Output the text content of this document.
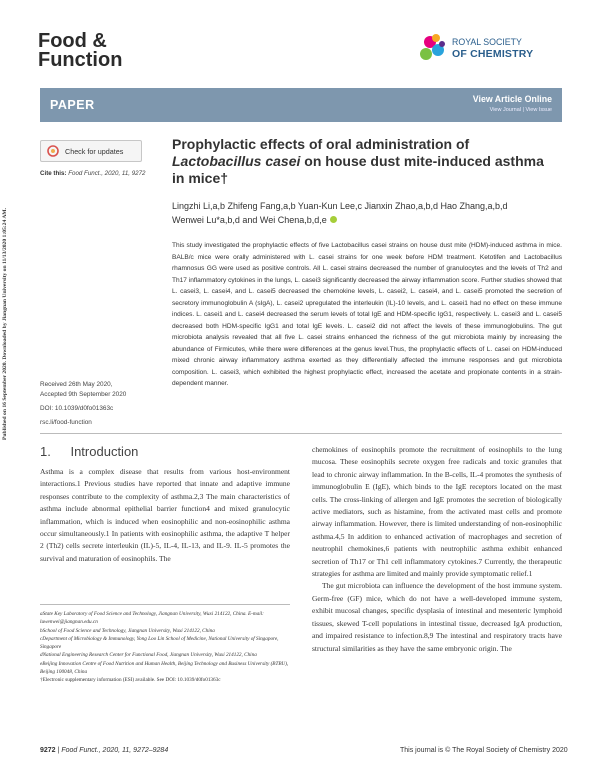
Food &
Function
ROYAL SOCIETY
OF CHEMISTRY
PAPER	View Article Online
View Journal | View Issue
Published on 16 September 2020. Downloaded by Jiangnan University on 11/13/2020 1:05:24 AM.
Check for updates
Cite this: Food Funct., 2020, 11, 9272
Prophylactic effects of oral administration of Lactobacillus casei on house dust mite-induced asthma in mice†
Lingzhi Li,a,b Zhifeng Fang,a,b Yuan-Kun Lee,c Jianxin Zhao,a,b,d Hao Zhang,a,b,d
Wenwei Lu*a,b,d and Wei Chena,b,d,e
This study investigated the prophylactic effects of five Lactobacillus casei strains on house dust mite (HDM)-induced asthma in mice. BALB/c mice were orally administered with L. casei strains for one week before HDM treatment. Ketotifen and Lactobacillus rhamnosus GG were used as positive controls. All L. casei strains decreased the number of granulocytes and the levels of Th2 and Th17 inflammatory cytokines in the lungs, L. casei3 significantly decreased the airway inflammation score. Further studies showed that L. casei3, L. casei4, and L. casei5 decreased the chemokine levels, L. casei2, L. casei4, and L. casei5 promoted the secretion of secretory immunoglobulin A (sIgA), L. casei2 upregulated the interleukin (IL)-10 levels, and L. casei1 had no effect on these immune indices. L. casei1 and L. casei4 decreased the serum levels of total IgE and HDM-specific IgG1, respectively. L. casei3 and L. casei5 decreased both HDM-specific IgG1 and total IgE levels. L. casei2 did not affect the levels of these immunoglobulins. The gut microbiota analysis revealed that all five L. casei strains enhanced the richness of the gut microbiota mainly by increasing the abundance of Firmicutes, while there were differences at the genus level.Thus, the prophylactic effects of L. casei on HDM-induced mixed chronic airway inflammatory asthma exerted as they differentially affected the immune responses and gut microbiota composition. L. casei3, which exhibited the highest prophylactic effect, increased the acetate and propionate contents in a strain-dependent manner.
Received 26th May 2020,
Accepted 9th September 2020
DOI: 10.1039/d0fo01363c
rsc.li/food-function
1. Introduction

Asthma is a complex disease that results from various host-environment interactions.1 Previous studies have reported that innate and adaptive immune responses contribute to the complexity of asthma.2,3 The main characteristics of asthma include abnormal epithelial barrier function4 and mixed granulocytic inflammation, which is induced when eosinophilic and non-eosinophilic asthma occur simultaneously.1 In patients with eosinophilic asthma, the adaptive T helper 2 (Th2) cells secrete interleukin (IL)-5, IL-4, IL-13, and IL-9. IL-5 promotes the survival and maturation of eosinophils. The

aState Key Laboratory of Food Science and Technology, Jiangnan University, Wuxi 214122, China. E-mail: luwenwei@jiangnan.edu.cn

bSchool of Food Science and Technology, Jiangnan University, Wuxi 214122, China

cDepartment of Microbiology & Immunology, Yong Loo Lin School of Medicine, National University of Singapore, Singapore

dNational Engineering Research Center for Functional Food, Jiangnan University, Wuxi 214122, China

eBeijing Innovation Centre of Food Nutrition and Human Health, Beijing Technology and Business University (BTBU), Beijing 100048, China

†Electronic supplementary information (ESI) available. See DOI: 10.1039/d0fo01363c

chemokines of eosinophils promote the recruitment of eosinophils to the lung mucosa. These eosinophils secrete oxygen free radicals and toxic granules that lead to chronic airway inflammation. In the B-cells, IL-4 promotes the synthesis of immunoglobulin E (IgE), which binds to the IgE receptors located on the mast cells. The cross-linking of allergen and IgE promotes the secretion of biologically active mediators, such as histamine, from the activated mast cells and promote airway inflammation. However, there is limited understanding of non-eosinophilic asthma.4,5 In addition to enhanced activation of macrophages and secretion of neutrophil chemokines,6 patients with neutrophilic asthma exhibit enhanced secretion of Th17 or Th1 cell inflammatory cytokines.7 Currently, the therapeutic strategies for asthma are limited and mainly provide symptomatic relief.1

The gut microbiota can influence the development of the host immune system. Germ-free (GF) mice, which do not have a well-developed immune system, exhibit mucosal changes, specific dysplasia of intestinal and mesenteric lymphoid tissues, skewed T-cell populations in intestinal tissue, decreased IgA production, and impaired resistance to infection.8,9 The intestinal and respiratory tracts have structural similarities as they have the same embryonic origin. The

9272 | Food Funct., 2020, 11, 9272–9284	This journal is © The Royal Society of Chemistry 2020
